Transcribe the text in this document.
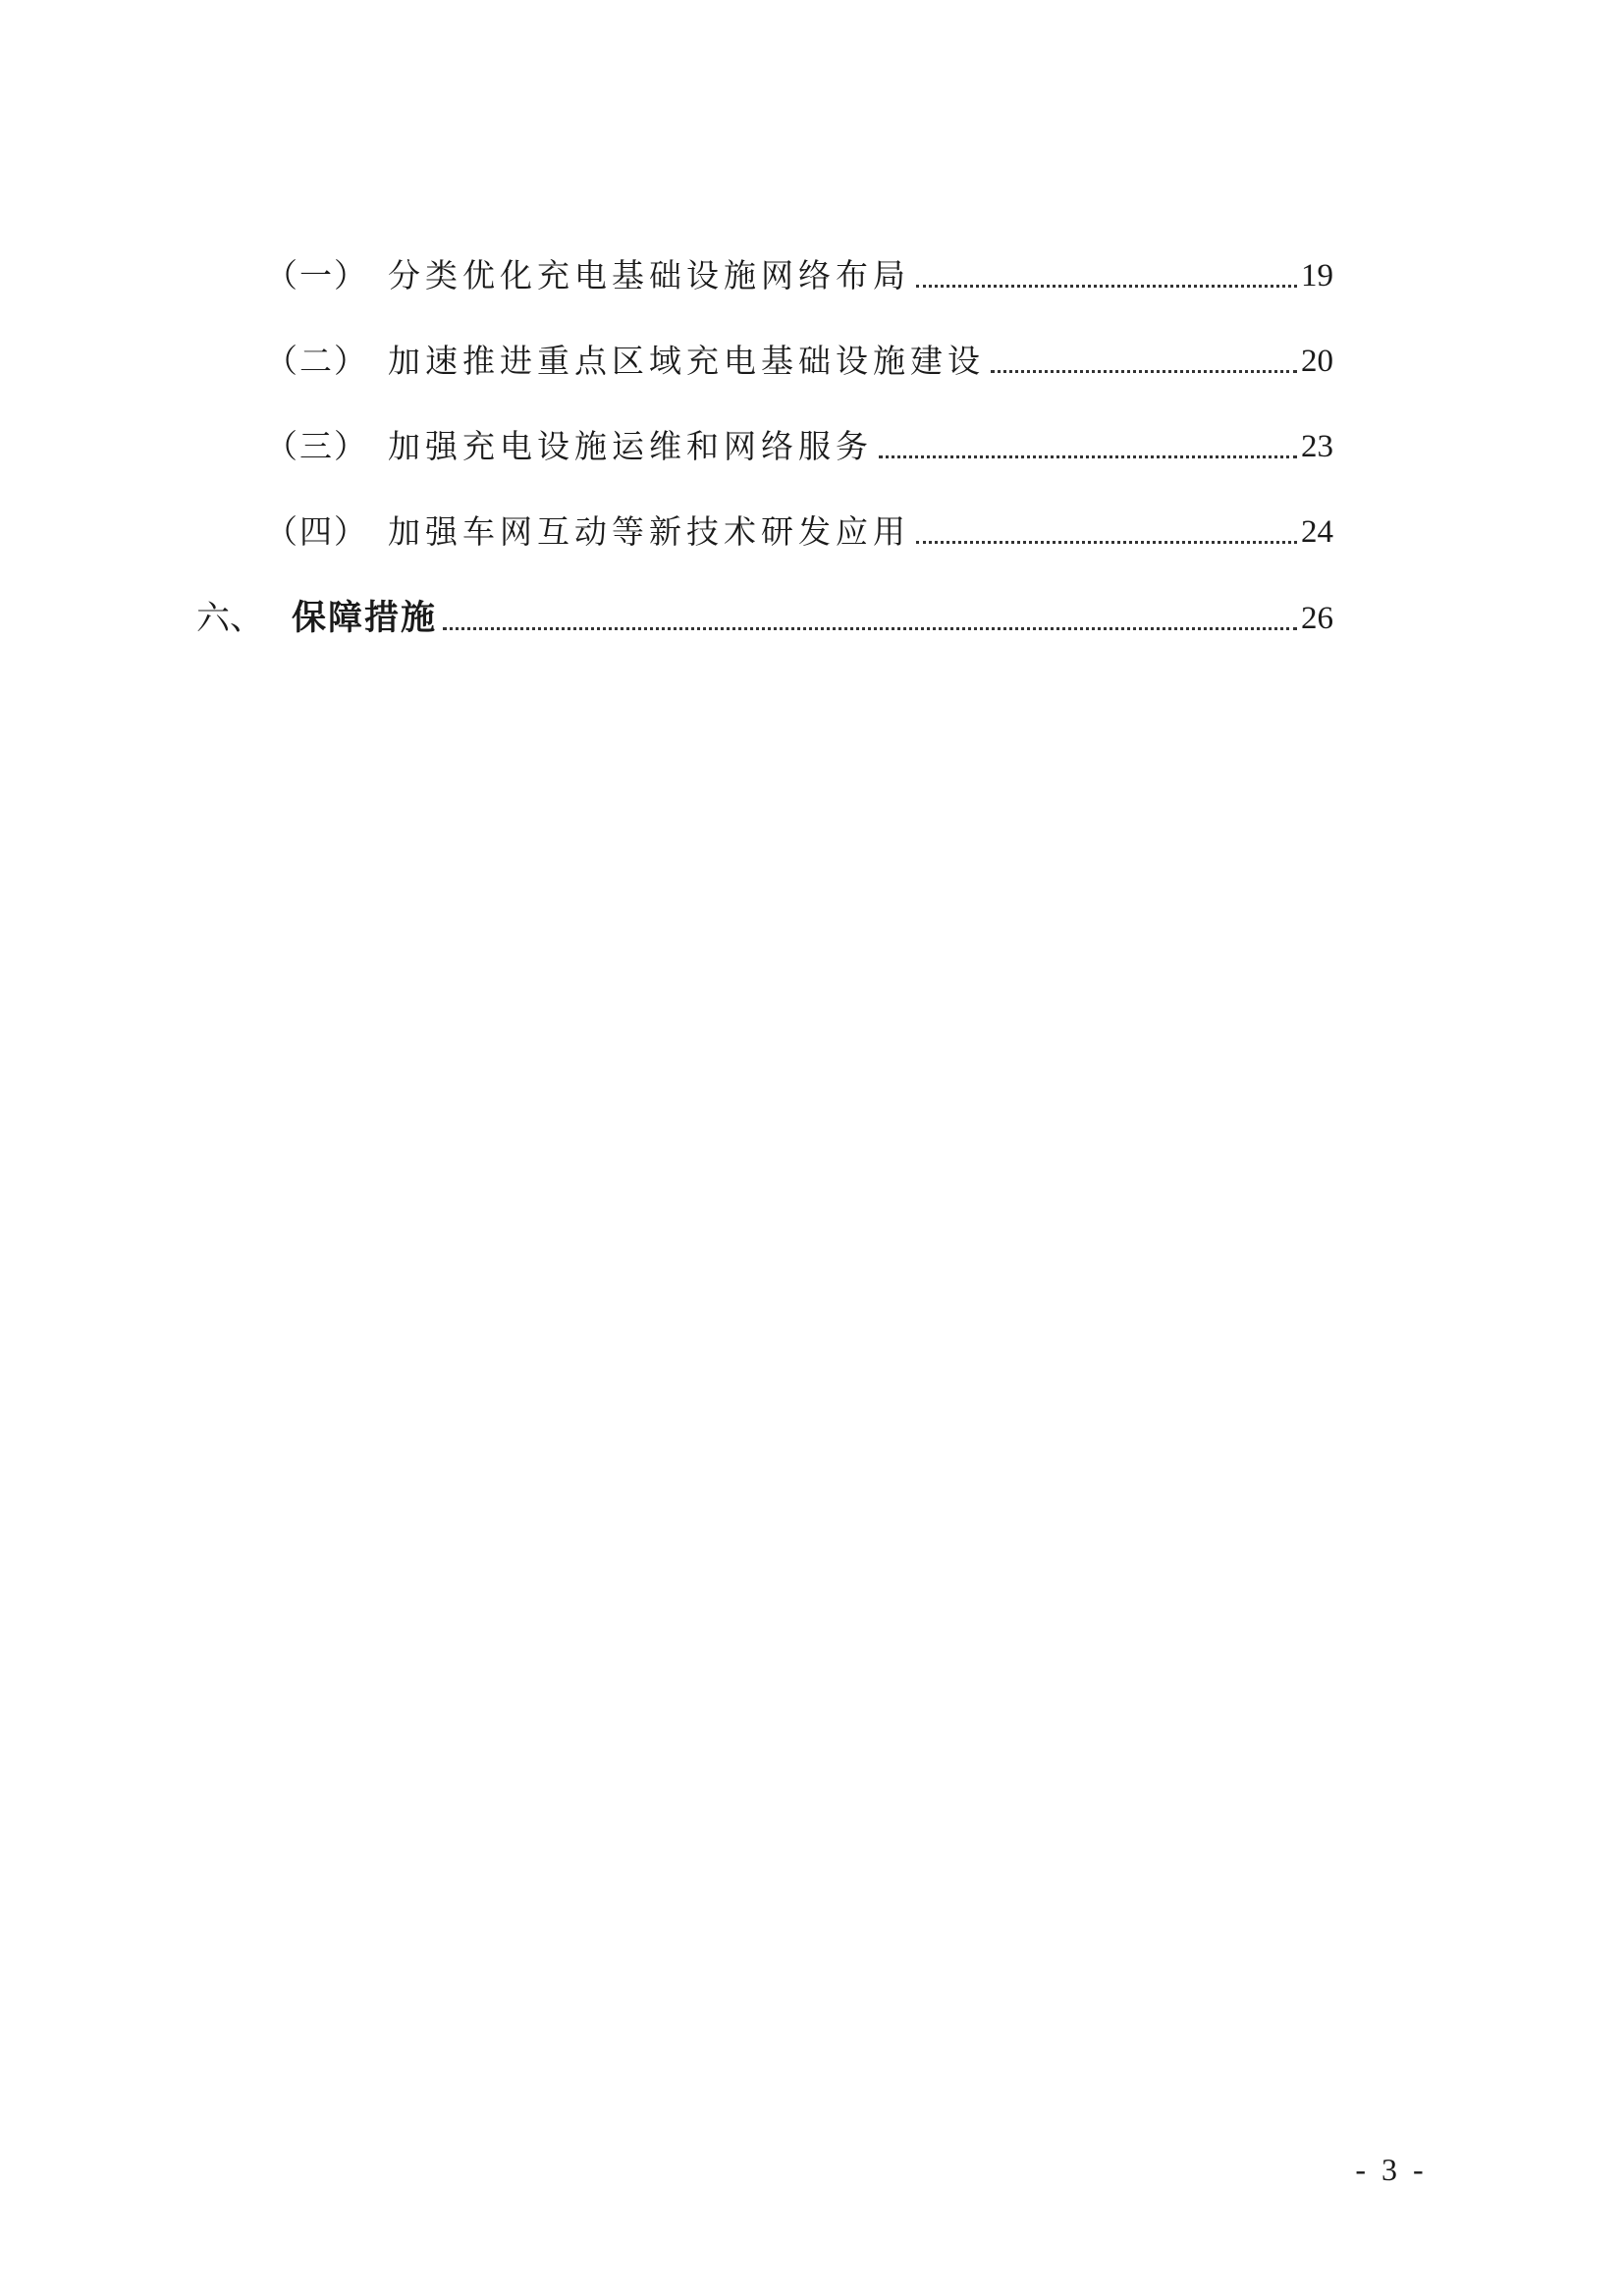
（一） 分类优化充电基础设施网络布局	19
（二） 加速推进重点区域充电基础设施建设	20
（三） 加强充电设施运维和网络服务	23
（四） 加强车网互动等新技术研发应用	24
六、 保障措施	26
- 3 -
